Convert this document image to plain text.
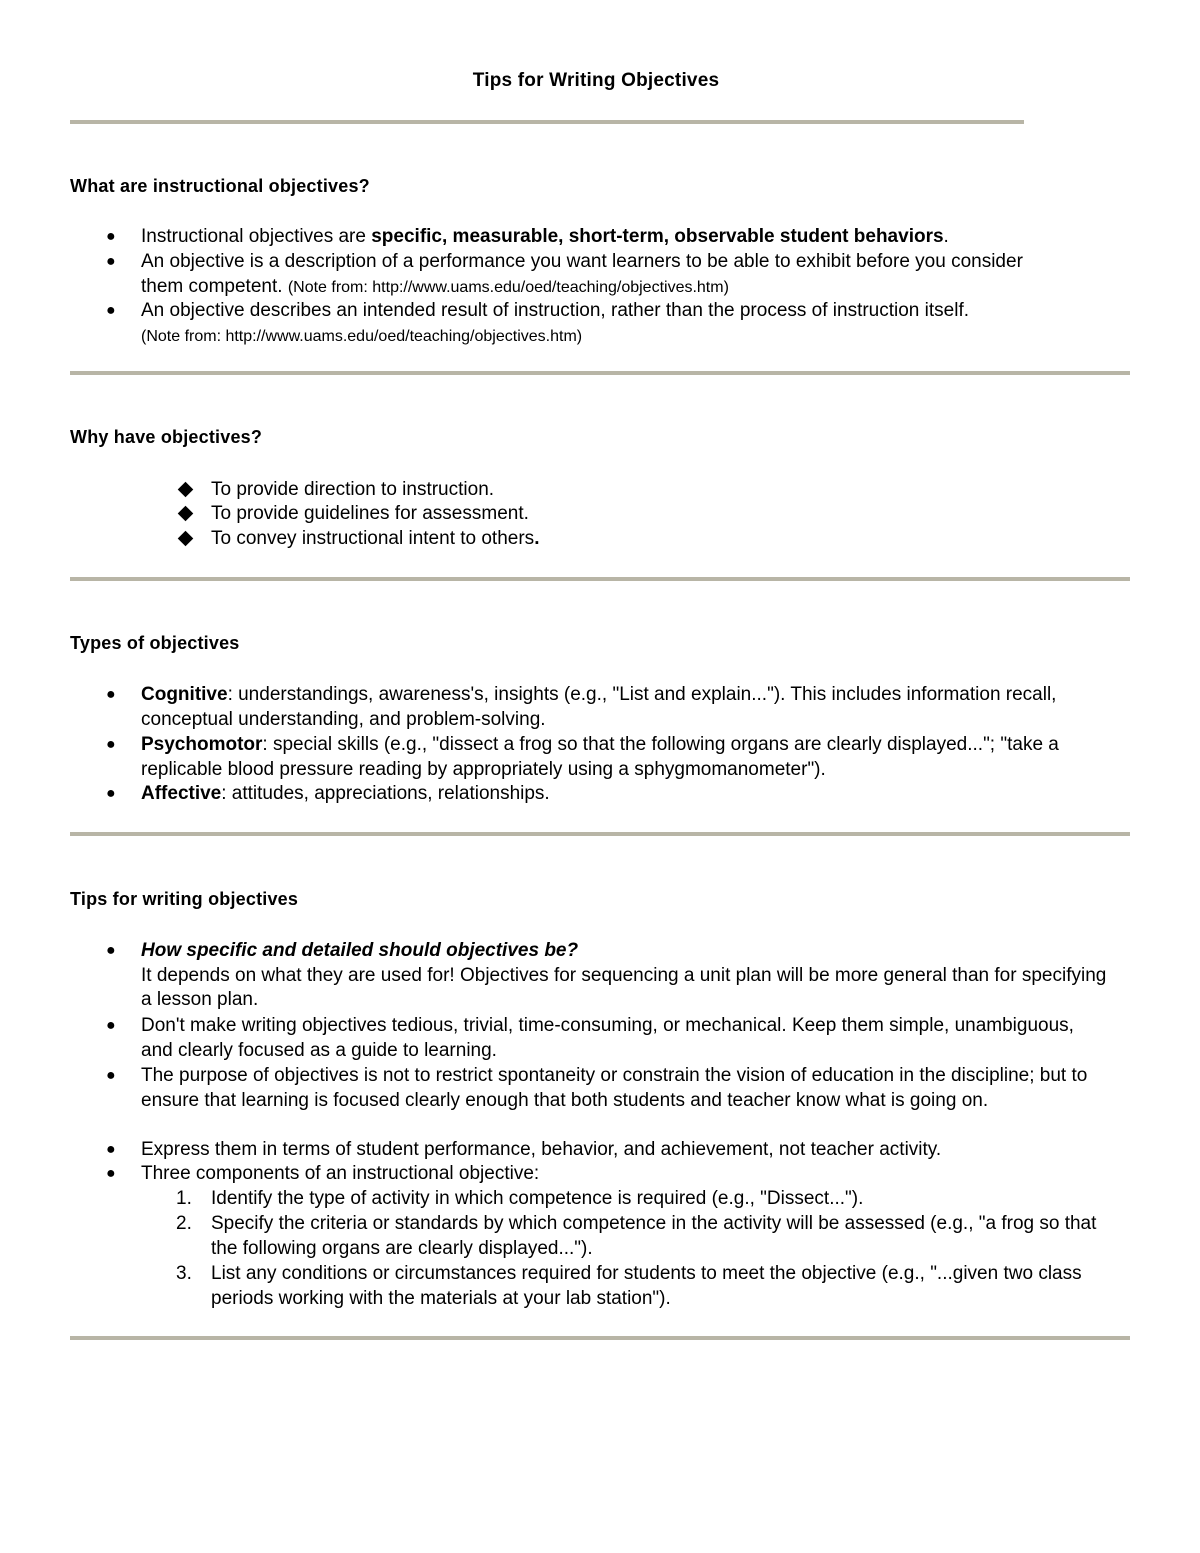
Tips for Writing Objectives
What are instructional objectives?
● Instructional objectives are specific, measurable, short-term, observable student behaviors.
● An objective is a description of a performance you want learners to be able to exhibit before you consider them competent. (Note from: http://www.uams.edu/oed/teaching/objectives.htm)
● An objective describes an intended result of instruction, rather than the process of instruction itself.
(Note from: http://www.uams.edu/oed/teaching/objectives.htm)
Why have objectives?
To provide direction to instruction.
To provide guidelines for assessment.
To convey instructional intent to others.
Types of objectives
● Cognitive: understandings, awareness's, insights (e.g., "List and explain..."). This includes information recall, conceptual understanding, and problem-solving.
● Psychomotor: special skills (e.g., "dissect a frog so that the following organs are clearly displayed..."; "take a replicable blood pressure reading by appropriately using a sphygmomanometer").
● Affective: attitudes, appreciations, relationships.
Tips for writing objectives
● How specific and detailed should objectives be?
It depends on what they are used for! Objectives for sequencing a unit plan will be more general than for specifying a lesson plan.
● Don't make writing objectives tedious, trivial, time-consuming, or mechanical. Keep them simple, unambiguous, and clearly focused as a guide to learning.
● The purpose of objectives is not to restrict spontaneity or constrain the vision of education in the discipline; but to ensure that learning is focused clearly enough that both students and teacher know what is going on.
● Express them in terms of student performance, behavior, and achievement, not teacher activity.
● Three components of an instructional objective:
1. Identify the type of activity in which competence is required (e.g., "Dissect...").
2. Specify the criteria or standards by which competence in the activity will be assessed (e.g., "a frog so that the following organs are clearly displayed...").
3. List any conditions or circumstances required for students to meet the objective (e.g., "...given two class periods working with the materials at your lab station").
